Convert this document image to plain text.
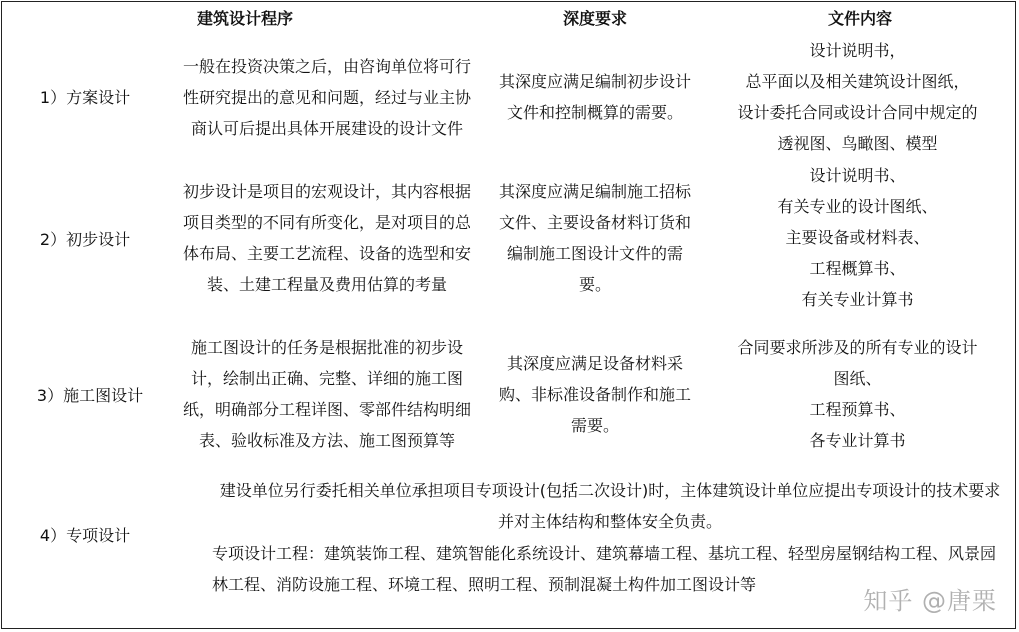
建筑设计程序	深度要求	文件内容
1）方案设计
一般在投资决策之后，由咨询单位将可行性研究提出的意见和问题，经过与业主协商认可后提出具体开展建设的设计文件
其深度应满足编制初步设计文件和控制概算的需要。
设计说明书，
总平面以及相关建筑设计图纸，
设计委托合同或设计合同中规定的
透视图、鸟瞰图、模型
2）初步设计
初步设计是项目的宏观设计，其内容根据项目类型的不同有所变化，是对项目的总体布局、主要工艺流程、设备的选型和安装、土建工程量及费用估算的考量
其深度应满足编制施工招标文件、主要设备材料订货和编制施工图设计文件的需要。
设计说明书、
有关专业的设计图纸、
主要设备或材料表、
工程概算书、
有关专业计算书
3）施工图设计
施工图设计的任务是根据批准的初步设计，绘制出正确、完整、详细的施工图纸，明确部分工程详图、零部件结构明细表、验收标准及方法、施工图预算等
其深度应满足设备材料采购、非标准设备制作和施工需要。
合同要求所涉及的所有专业的设计
图纸、
工程预算书、
各专业计算书
4）专项设计
建设单位另行委托相关单位承担项目专项设计(包括二次设计)时，主体建筑设计单位应提出专项设计的技术要求并对主体结构和整体安全负责。
专项设计工程：建筑装饰工程、建筑智能化系统设计、建筑幕墙工程、基坑工程、轻型房屋钢结构工程、风景园林工程、消防设施工程、环境工程、照明工程、预制混凝土构件加工图设计等
知乎 @唐栗
